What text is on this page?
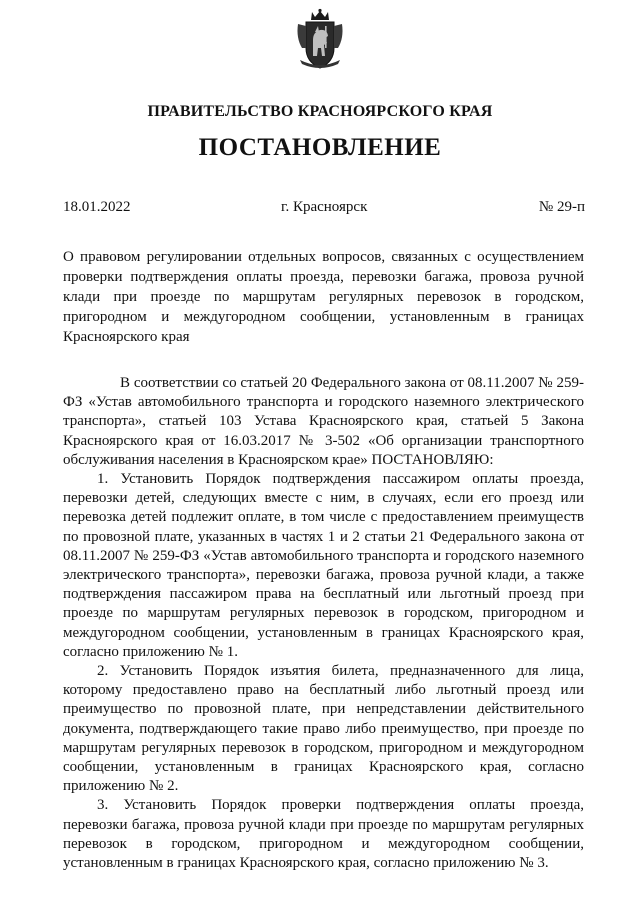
ПРАВИТЕЛЬСТВО КРАСНОЯРСКОГО КРАЯ
ПОСТАНОВЛЕНИЕ
18.01.2022	г. Красноярск	№ 29-п
О правовом регулировании отдельных вопросов, связанных с осуществлением проверки подтверждения оплаты проезда, перевозки багажа, провоза ручной клади при проезде по маршрутам регулярных перевозок в городском, пригородном и междугородном сообщении, установленным в границах Красноярского края

В соответствии со статьей 20 Федерального закона от 08.11.2007 № 259-ФЗ «Устав автомобильного транспорта и городского наземного электрического транспорта», статьей 103 Устава Красноярского края, статьей 5 Закона Красноярского края от 16.03.2017 № 3-502 «Об организации транспортного обслуживания населения в Красноярском крае» ПОСТАНОВЛЯЮ:

1. Установить Порядок подтверждения пассажиром оплаты проезда, перевозки детей, следующих вместе с ним, в случаях, если его проезд или перевозка детей подлежит оплате, в том числе с предоставлением преимуществ по провозной плате, указанных в частях 1 и 2 статьи 21 Федерального закона от 08.11.2007 № 259-ФЗ «Устав автомобильного транспорта и городского наземного электрического транспорта», перевозки багажа, провоза ручной клади, а также подтверждения пассажиром права на бесплатный или льготный проезд при проезде по маршрутам регулярных перевозок в городском, пригородном и междугородном сообщении, установленным в границах Красноярского края, согласно приложению № 1.

2. Установить Порядок изъятия билета, предназначенного для лица, которому предоставлено право на бесплатный либо льготный проезд или преимущество по провозной плате, при непредставлении действительного документа, подтверждающего такие право либо преимущество, при проезде по маршрутам регулярных перевозок в городском, пригородном и междугородном сообщении, установленным в границах Красноярского края, согласно приложению № 2.

3. Установить Порядок проверки подтверждения оплаты проезда, перевозки багажа, провоза ручной клади при проезде по маршрутам регулярных перевозок в городском, пригородном и междугородном сообщении, установленным в границах Красноярского края, согласно приложению № 3.
